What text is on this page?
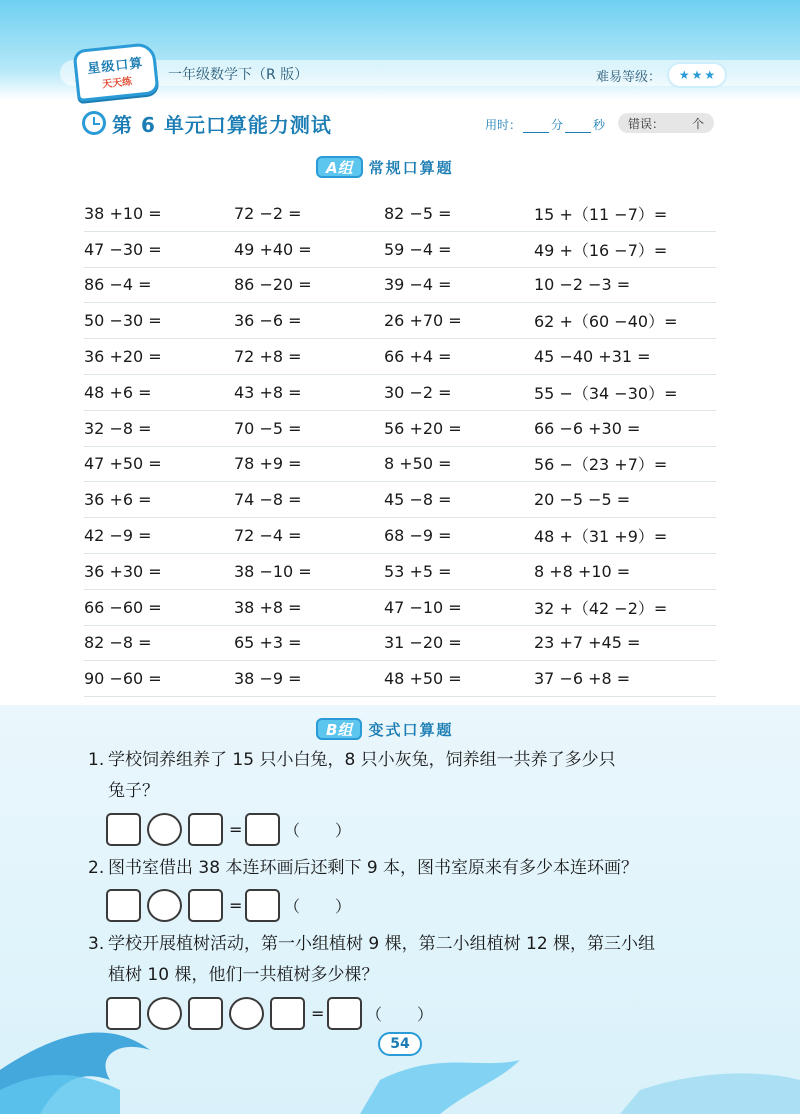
星级口算
天天练
一年级数学下（R 版）	难易等级： ★ ★ ★
第 6 单元口算能力测试	用时：	分	秒 错误： 个
A组	常规口算题
38 +10 =	72 −2 =	82 −5 =	15 +（11 −7）=
47 −30 =	49 +40 =	59 −4 =	49 +（16 −7）=
86 −4 =	86 −20 =	39 −4 =	10 −2 −3 =
50 −30 =	36 −6 =	26 +70 =	62 +（60 −40）=
36 +20 =	72 +8 =	66 +4 =	45 −40 +31 =
48 +6 =	43 +8 =	30 −2 =	55 −（34 −30）=
32 −8 =	70 −5 =	56 +20 =	66 −6 +30 =
47 +50 =	78 +9 =	8 +50 =	56 −（23 +7）=
36 +6 =	74 −8 =	45 −8 =	20 −5 −5 =
42 −9 =	72 −4 =	68 −9 =	48 +（31 +9）=
36 +30 =	38 −10 =	53 +5 =	8 +8 +10 =
66 −60 =	38 +8 =	47 −10 =	32 +（42 −2）=
82 −8 =	65 +3 =	31 −20 =	23 +7 +45 =
90 −60 =	38 −9 =	48 +50 =	37 −6 +8 =
B组	变式口算题
1. 学校饲养组养了 15 只小白兔，8 只小灰兔，饲养组一共养了多少只
兔子？
=	（　　）
2. 图书室借出 38 本连环画后还剩下 9 本，图书室原来有多少本连环画？
=	（　　）
3. 学校开展植树活动，第一小组植树 9 棵，第二小组植树 12 棵，第三小组
植树 10 棵，他们一共植树多少棵？
=	（　　）
54
